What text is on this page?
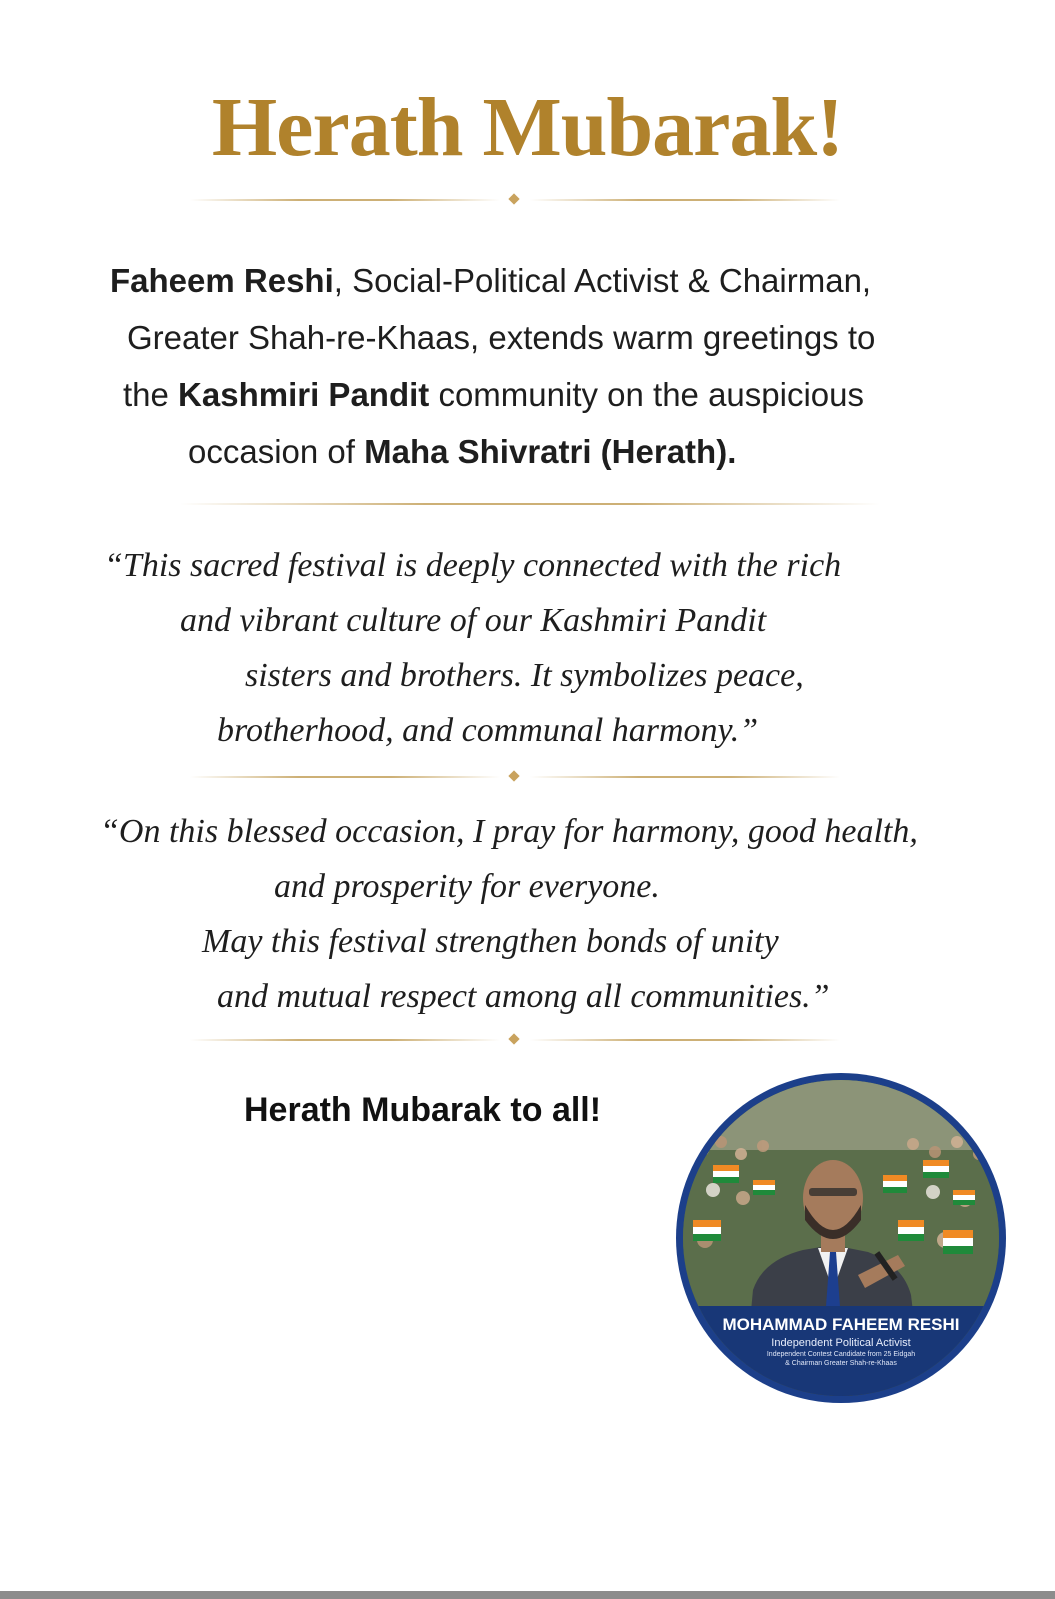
Herath Mubarak!
Faheem Reshi, Social-Political Activist & Chairman,
Greater Shah-re-Khaas, extends warm greetings to
the Kashmiri Pandit community on the auspicious
occasion of Maha Shivratri (Herath).
“This sacred festival is deeply connected with the rich
and vibrant culture of our Kashmiri Pandit
sisters and brothers. It symbolizes peace,
brotherhood, and communal harmony.”
“On this blessed occasion, I pray for harmony, good health,
and prosperity for everyone.
May this festival strengthen bonds of unity
and mutual respect among all communities.”
Herath Mubarak to all!
MOHAMMAD FAHEEM RESHI
Independent Political Activist
Independent Contest Candidate from 25 Eidgah
& Chairman Greater Shah-re-Khaas
